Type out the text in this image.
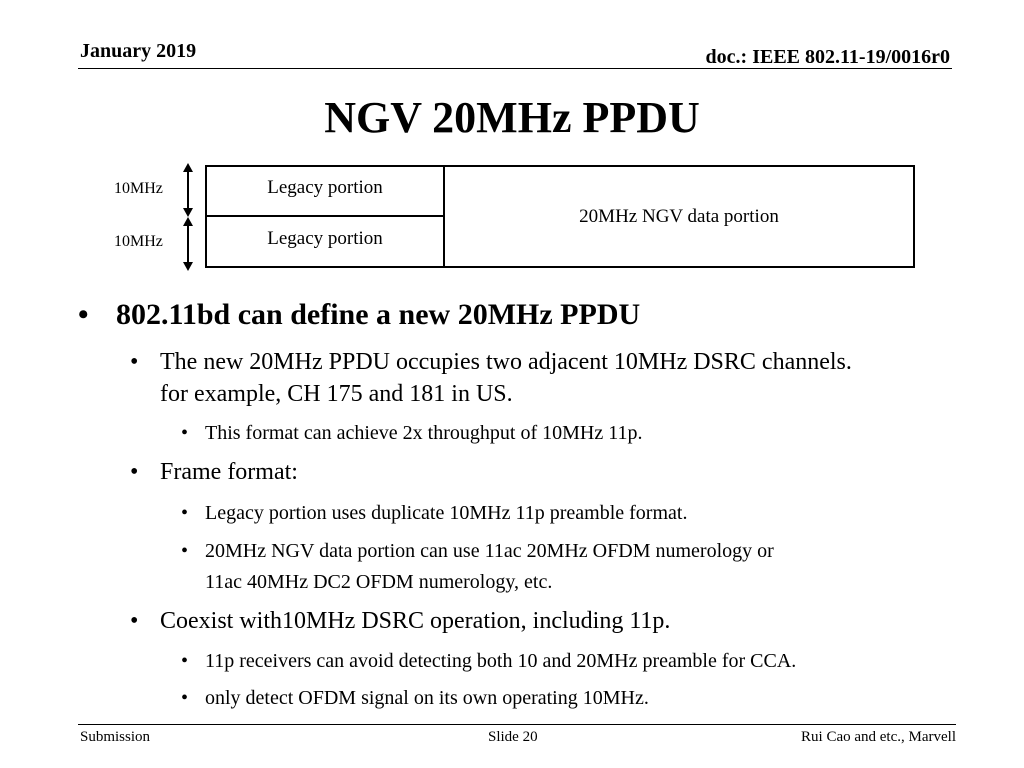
January 2019	doc.: IEEE 802.11-19/0016r0
NGV 20MHz PPDU
10MHz
10MHz
Legacy portion
Legacy portion
20MHz NGV data portion
• 802.11bd can define a new 20MHz PPDU
• The new 20MHz PPDU occupies two adjacent 10MHz DSRC channels.
for example, CH 175 and 181 in US.
• This format can achieve 2x throughput of 10MHz 11p.
• Frame format:
• Legacy portion uses duplicate 10MHz 11p preamble format.
• 20MHz NGV data portion can use 11ac 20MHz OFDM numerology or
11ac 40MHz DC2 OFDM numerology, etc.
• Coexist with10MHz DSRC operation, including 11p.
• 11p receivers can avoid detecting both 10 and 20MHz preamble for CCA.
• only detect OFDM signal on its own operating 10MHz.
Submission	Slide 20	Rui Cao and etc., Marvell
